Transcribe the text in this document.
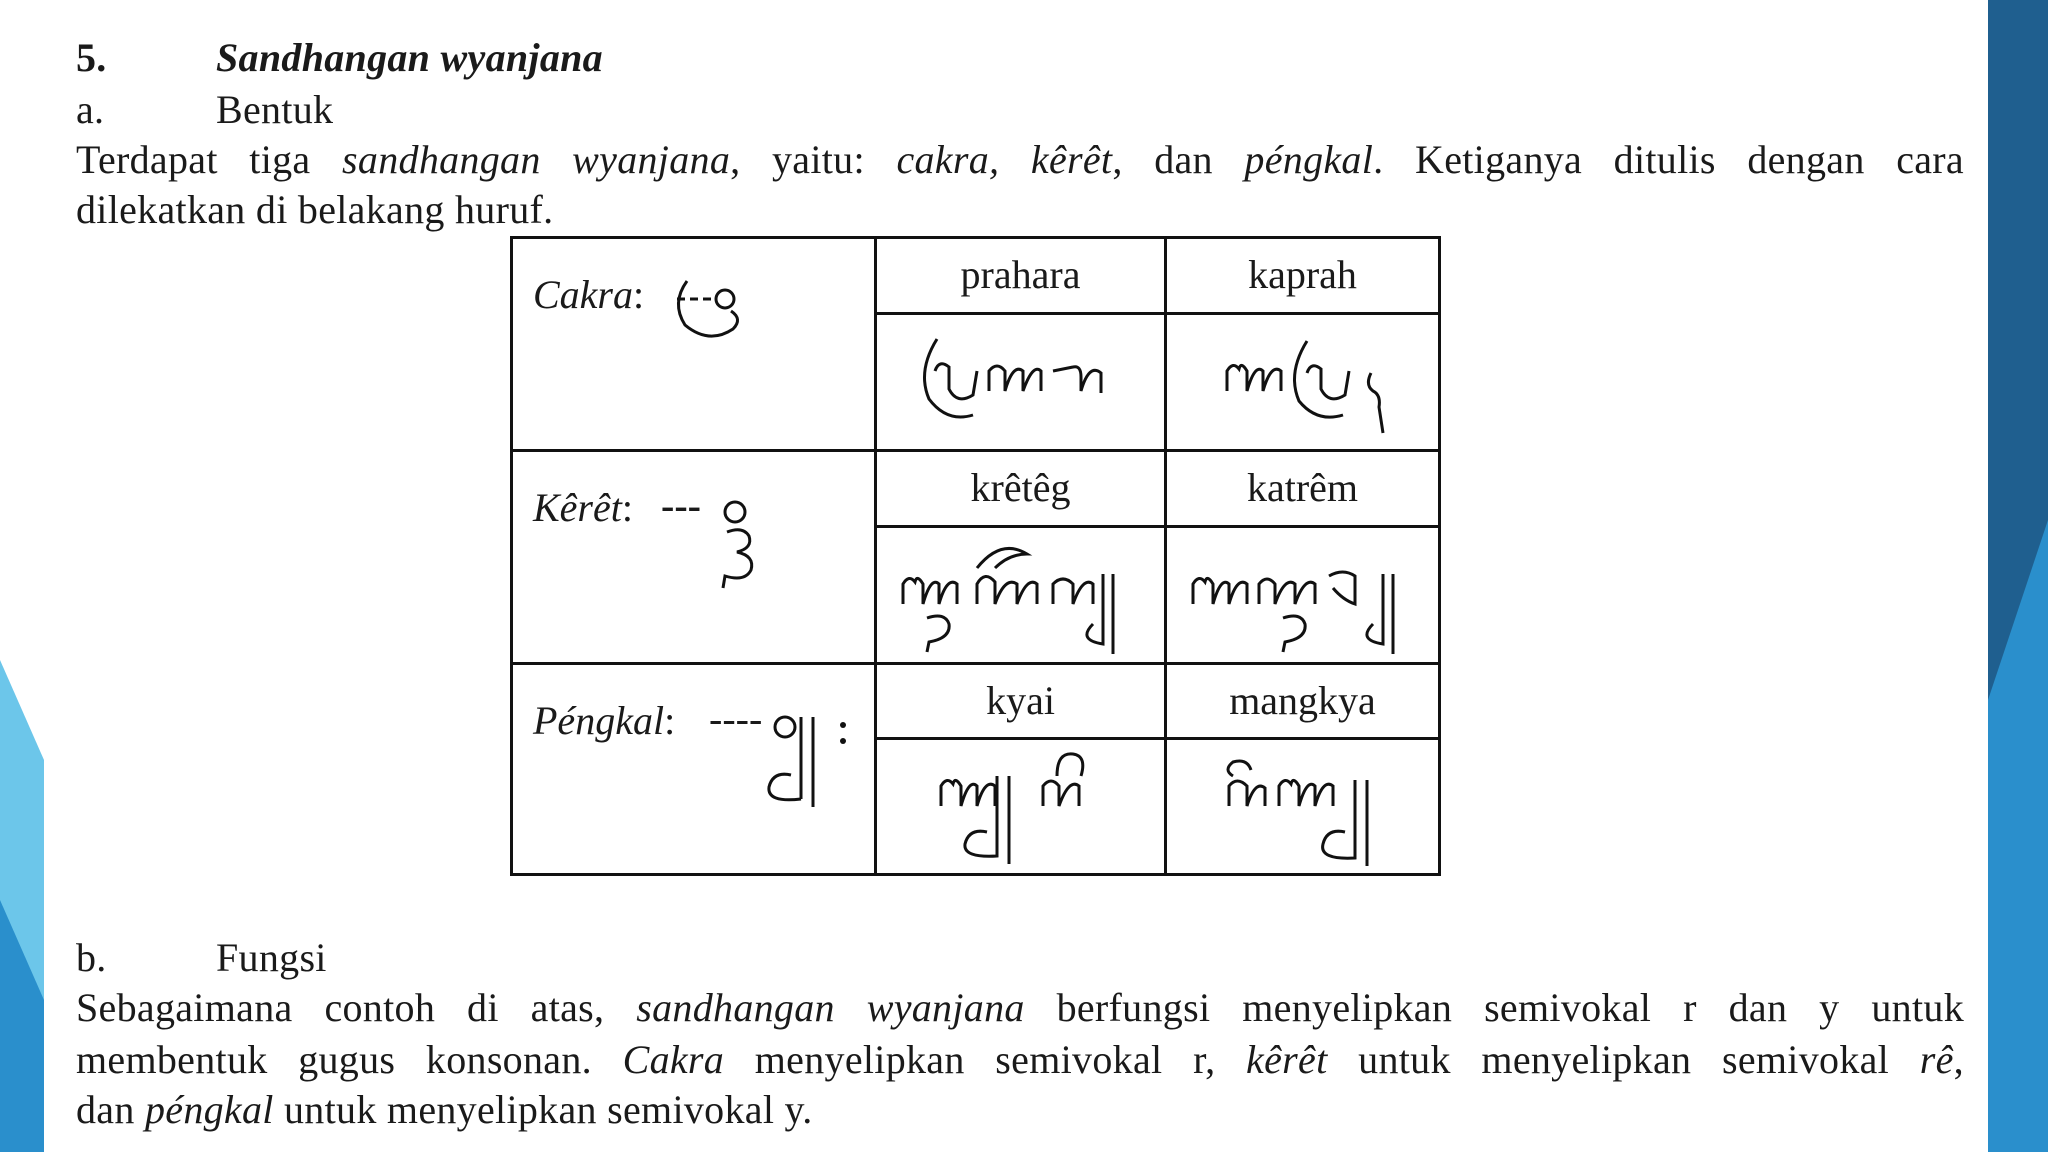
5.	Sandhangan wyanjana
a.	Bentuk
Terdapat tiga sandhangan wyanjana, yaitu: cakra, kêrêt, dan péngkal. Ketiganya ditulis dengan cara
dilekatkan di belakang huruf.
Cakra:	prahara	kaprah

Kêrêt: ---	krêtêg	katrêm

Péngkal: ----	kyai	mangkya

b.	Fungsi
Sebagaimana contoh di atas, sandhangan wyanjana berfungsi menyelipkan semivokal r dan y untuk
membentuk gugus konsonan. Cakra menyelipkan semivokal r, kêrêt untuk menyelipkan semivokal rê,
dan péngkal untuk menyelipkan semivokal y.
